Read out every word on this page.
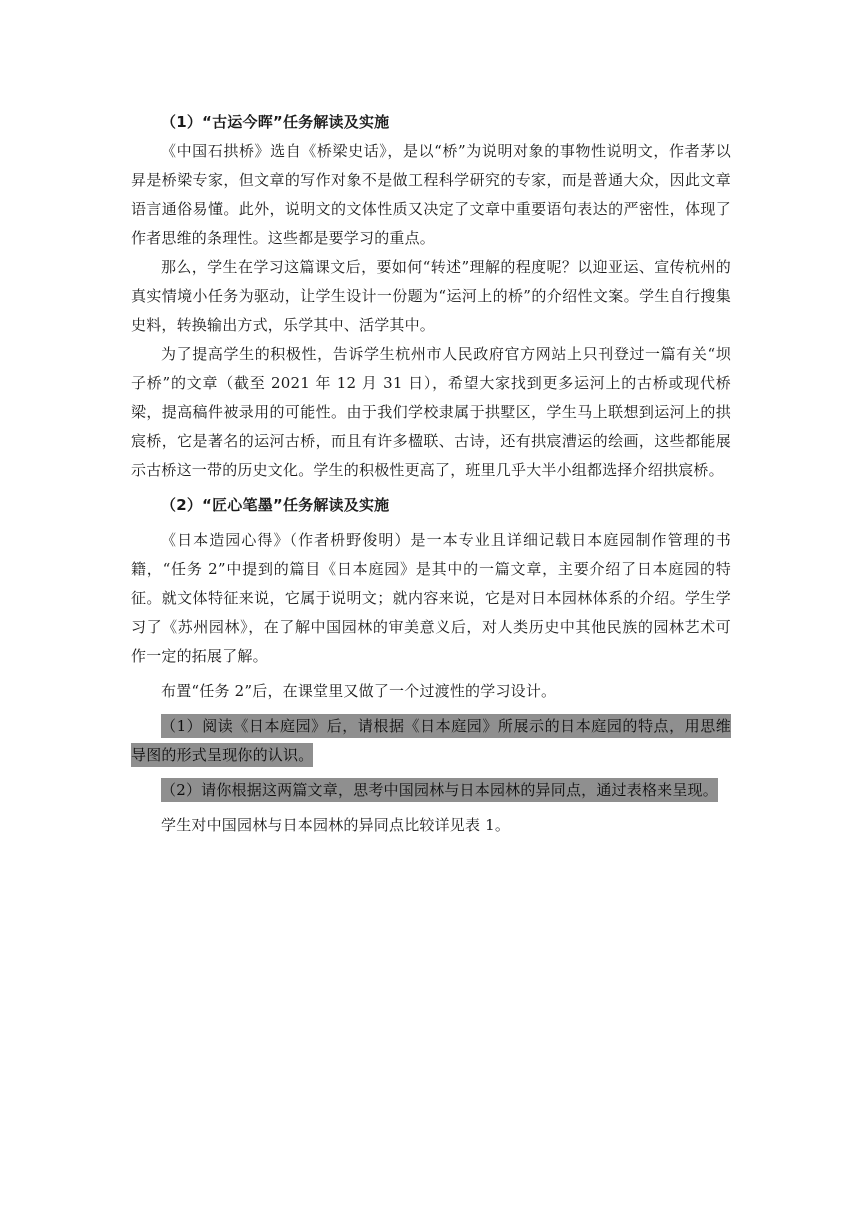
（1）“古运今晖”任务解读及实施

《中国石拱桥》选自《桥梁史话》，是以“桥”为说明对象的事物性说明文，作者茅以昇是桥梁专家，但文章的写作对象不是做工程科学研究的专家，而是普通大众，因此文章语言通俗易懂。此外，说明文的文体性质又决定了文章中重要语句表达的严密性，体现了作者思维的条理性。这些都是要学习的重点。

那么，学生在学习这篇课文后，要如何“转述”理解的程度呢？以迎亚运、宣传杭州的真实情境小任务为驱动，让学生设计一份题为“运河上的桥”的介绍性文案。学生自行搜集史料，转换输出方式，乐学其中、活学其中。

为了提高学生的积极性，告诉学生杭州市人民政府官方网站上只刊登过一篇有关“坝子桥”的文章（截至 2021 年 12 月 31 日），希望大家找到更多运河上的古桥或现代桥梁，提高稿件被录用的可能性。由于我们学校隶属于拱墅区，学生马上联想到运河上的拱宸桥，它是著名的运河古桥，而且有许多楹联、古诗，还有拱宸漕运的绘画，这些都能展示古桥这一带的历史文化。学生的积极性更高了，班里几乎大半小组都选择介绍拱宸桥。

（2）“匠心笔墨”任务解读及实施

《日本造园心得》（作者枡野俊明）是一本专业且详细记载日本庭园制作管理的书籍，“任务 2”中提到的篇目《日本庭园》是其中的一篇文章，主要介绍了日本庭园的特征。就文体特征来说，它属于说明文；就内容来说，它是对日本园林体系的介绍。学生学习了《苏州园林》，在了解中国园林的审美意义后，对人类历史中其他民族的园林艺术可作一定的拓展了解。

布置“任务 2”后，在课堂里又做了一个过渡性的学习设计。

（1）阅读《日本庭园》后，请根据《日本庭园》所展示的日本庭园的特点，用思维导图的形式呈现你的认识。

（2）请你根据这两篇文章，思考中国园林与日本园林的异同点，通过表格来呈现。

学生对中国园林与日本园林的异同点比较详见表 1。
